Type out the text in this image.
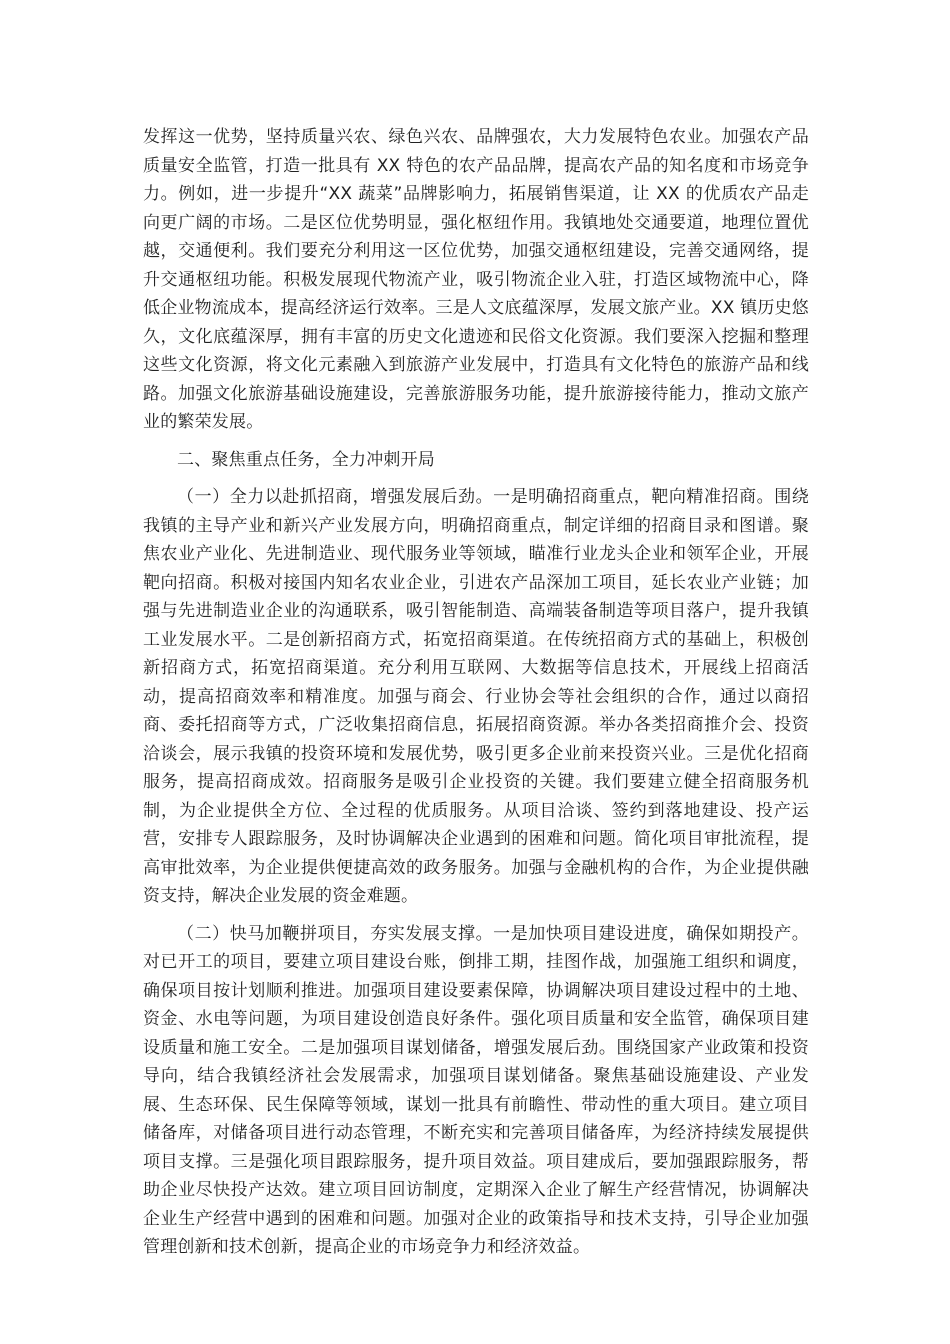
发挥这一优势，坚持质量兴农、绿色兴农、品牌强农，大力发展特色农业。加强农产品质量安全监管，打造一批具有 XX 特色的农产品品牌，提高农产品的知名度和市场竞争力。例如，进一步提升“XX 蔬菜”品牌影响力，拓展销售渠道，让 XX 的优质农产品走向更广阔的市场。二是区位优势明显，强化枢纽作用。我镇地处交通要道，地理位置优越，交通便利。我们要充分利用这一区位优势，加强交通枢纽建设，完善交通网络，提升交通枢纽功能。积极发展现代物流产业，吸引物流企业入驻，打造区域物流中心，降低企业物流成本，提高经济运行效率。三是人文底蕴深厚，发展文旅产业。XX 镇历史悠久，文化底蕴深厚，拥有丰富的历史文化遗迹和民俗文化资源。我们要深入挖掘和整理这些文化资源，将文化元素融入到旅游产业发展中，打造具有文化特色的旅游产品和线路。加强文化旅游基础设施建设，完善旅游服务功能，提升旅游接待能力，推动文旅产业的繁荣发展。

二、聚焦重点任务，全力冲刺开局

（一）全力以赴抓招商，增强发展后劲。一是明确招商重点，靶向精准招商。围绕我镇的主导产业和新兴产业发展方向，明确招商重点，制定详细的招商目录和图谱。聚焦农业产业化、先进制造业、现代服务业等领域，瞄准行业龙头企业和领军企业，开展靶向招商。积极对接国内知名农业企业，引进农产品深加工项目，延长农业产业链；加强与先进制造业企业的沟通联系，吸引智能制造、高端装备制造等项目落户，提升我镇工业发展水平。二是创新招商方式，拓宽招商渠道。在传统招商方式的基础上，积极创新招商方式，拓宽招商渠道。充分利用互联网、大数据等信息技术，开展线上招商活动，提高招商效率和精准度。加强与商会、行业协会等社会组织的合作，通过以商招商、委托招商等方式，广泛收集招商信息，拓展招商资源。举办各类招商推介会、投资洽谈会，展示我镇的投资环境和发展优势，吸引更多企业前来投资兴业。三是优化招商服务，提高招商成效。招商服务是吸引企业投资的关键。我们要建立健全招商服务机制，为企业提供全方位、全过程的优质服务。从项目洽谈、签约到落地建设、投产运营，安排专人跟踪服务，及时协调解决企业遇到的困难和问题。简化项目审批流程，提高审批效率，为企业提供便捷高效的政务服务。加强与金融机构的合作，为企业提供融资支持，解决企业发展的资金难题。

（二）快马加鞭拼项目，夯实发展支撑。一是加快项目建设进度，确保如期投产。对已开工的项目，要建立项目建设台账，倒排工期，挂图作战，加强施工组织和调度，确保项目按计划顺利推进。加强项目建设要素保障，协调解决项目建设过程中的土地、资金、水电等问题，为项目建设创造良好条件。强化项目质量和安全监管，确保项目建设质量和施工安全。二是加强项目谋划储备，增强发展后劲。围绕国家产业政策和投资导向，结合我镇经济社会发展需求，加强项目谋划储备。聚焦基础设施建设、产业发展、生态环保、民生保障等领域，谋划一批具有前瞻性、带动性的重大项目。建立项目储备库，对储备项目进行动态管理，不断充实和完善项目储备库，为经济持续发展提供项目支撑。三是强化项目跟踪服务，提升项目效益。项目建成后，要加强跟踪服务，帮助企业尽快投产达效。建立项目回访制度，定期深入企业了解生产经营情况，协调解决企业生产经营中遇到的困难和问题。加强对企业的政策指导和技术支持，引导企业加强管理创新和技术创新，提高企业的市场竞争力和经济效益。
